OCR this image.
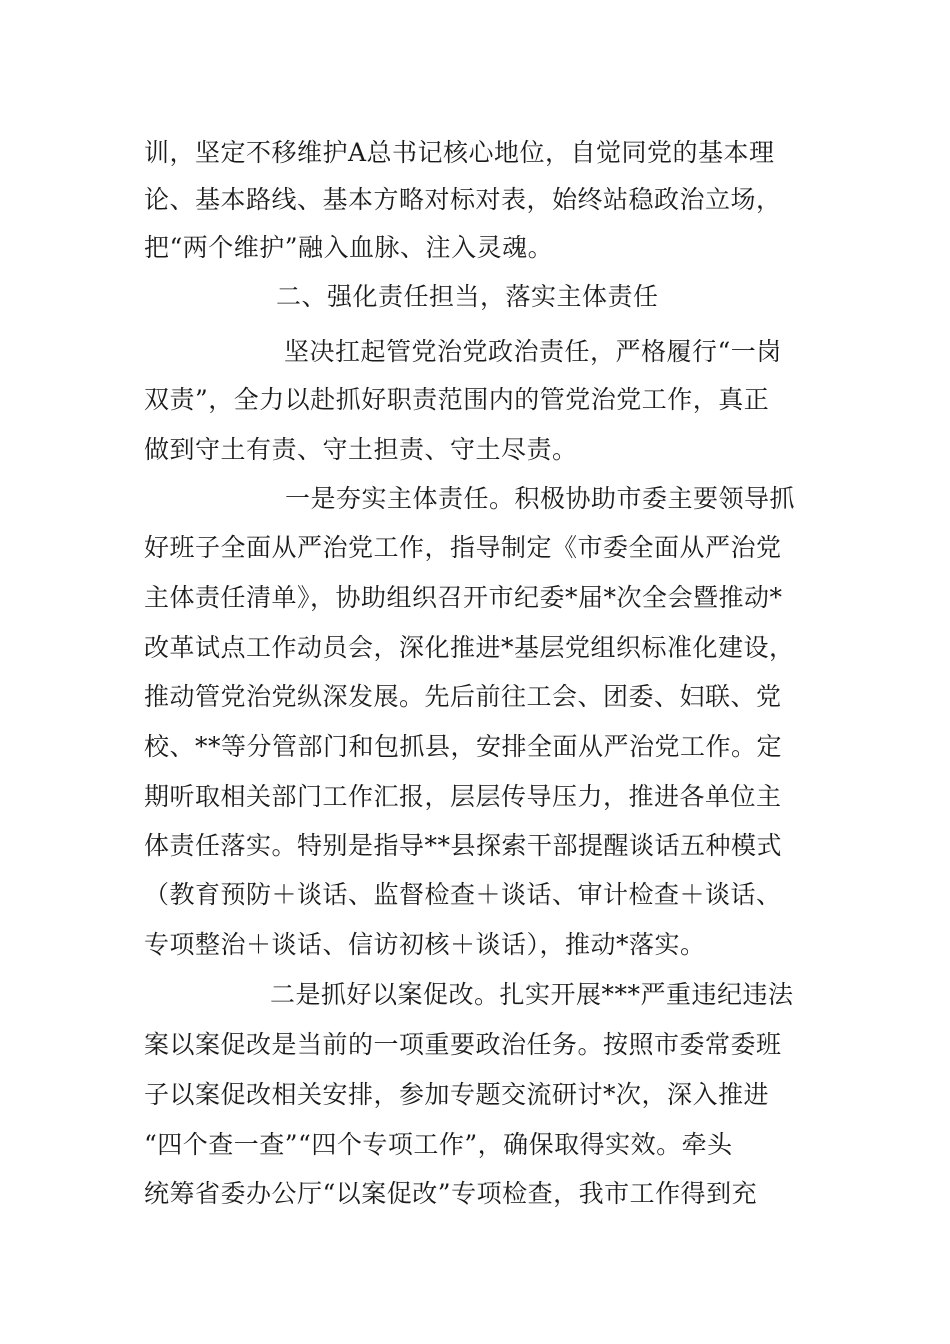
训，坚定不移维护A总书记核心地位，自觉同党的基本理
论、基本路线、基本方略对标对表，始终站稳政治立场，
把“两个维护”融入血脉、注入灵魂。
二、强化责任担当，落实主体责任
坚决扛起管党治党政治责任，严格履行“一岗
双责”，全力以赴抓好职责范围内的管党治党工作，真正
做到守土有责、守土担责、守土尽责。
一是夯实主体责任。积极协助市委主要领导抓
好班子全面从严治党工作，指导制定《市委全面从严治党
主体责任清单》，协助组织召开市纪委*届*次全会暨推动*
改革试点工作动员会，深化推进*基层党组织标准化建设，
推动管党治党纵深发展。先后前往工会、团委、妇联、党
校、**等分管部门和包抓县，安排全面从严治党工作。定
期听取相关部门工作汇报，层层传导压力，推进各单位主
体责任落实。特别是指导**县探索干部提醒谈话五种模式
（教育预防＋谈话、监督检查＋谈话、审计检查＋谈话、
专项整治＋谈话、信访初核＋谈话），推动*落实。
二是抓好以案促改。扎实开展***严重违纪违法
案以案促改是当前的一项重要政治任务。按照市委常委班
子以案促改相关安排，参加专题交流研讨*次，深入推进
“四个查一查”“四个专项工作”，确保取得实效。牵头
统筹省委办公厅“以案促改”专项检查，我市工作得到充
